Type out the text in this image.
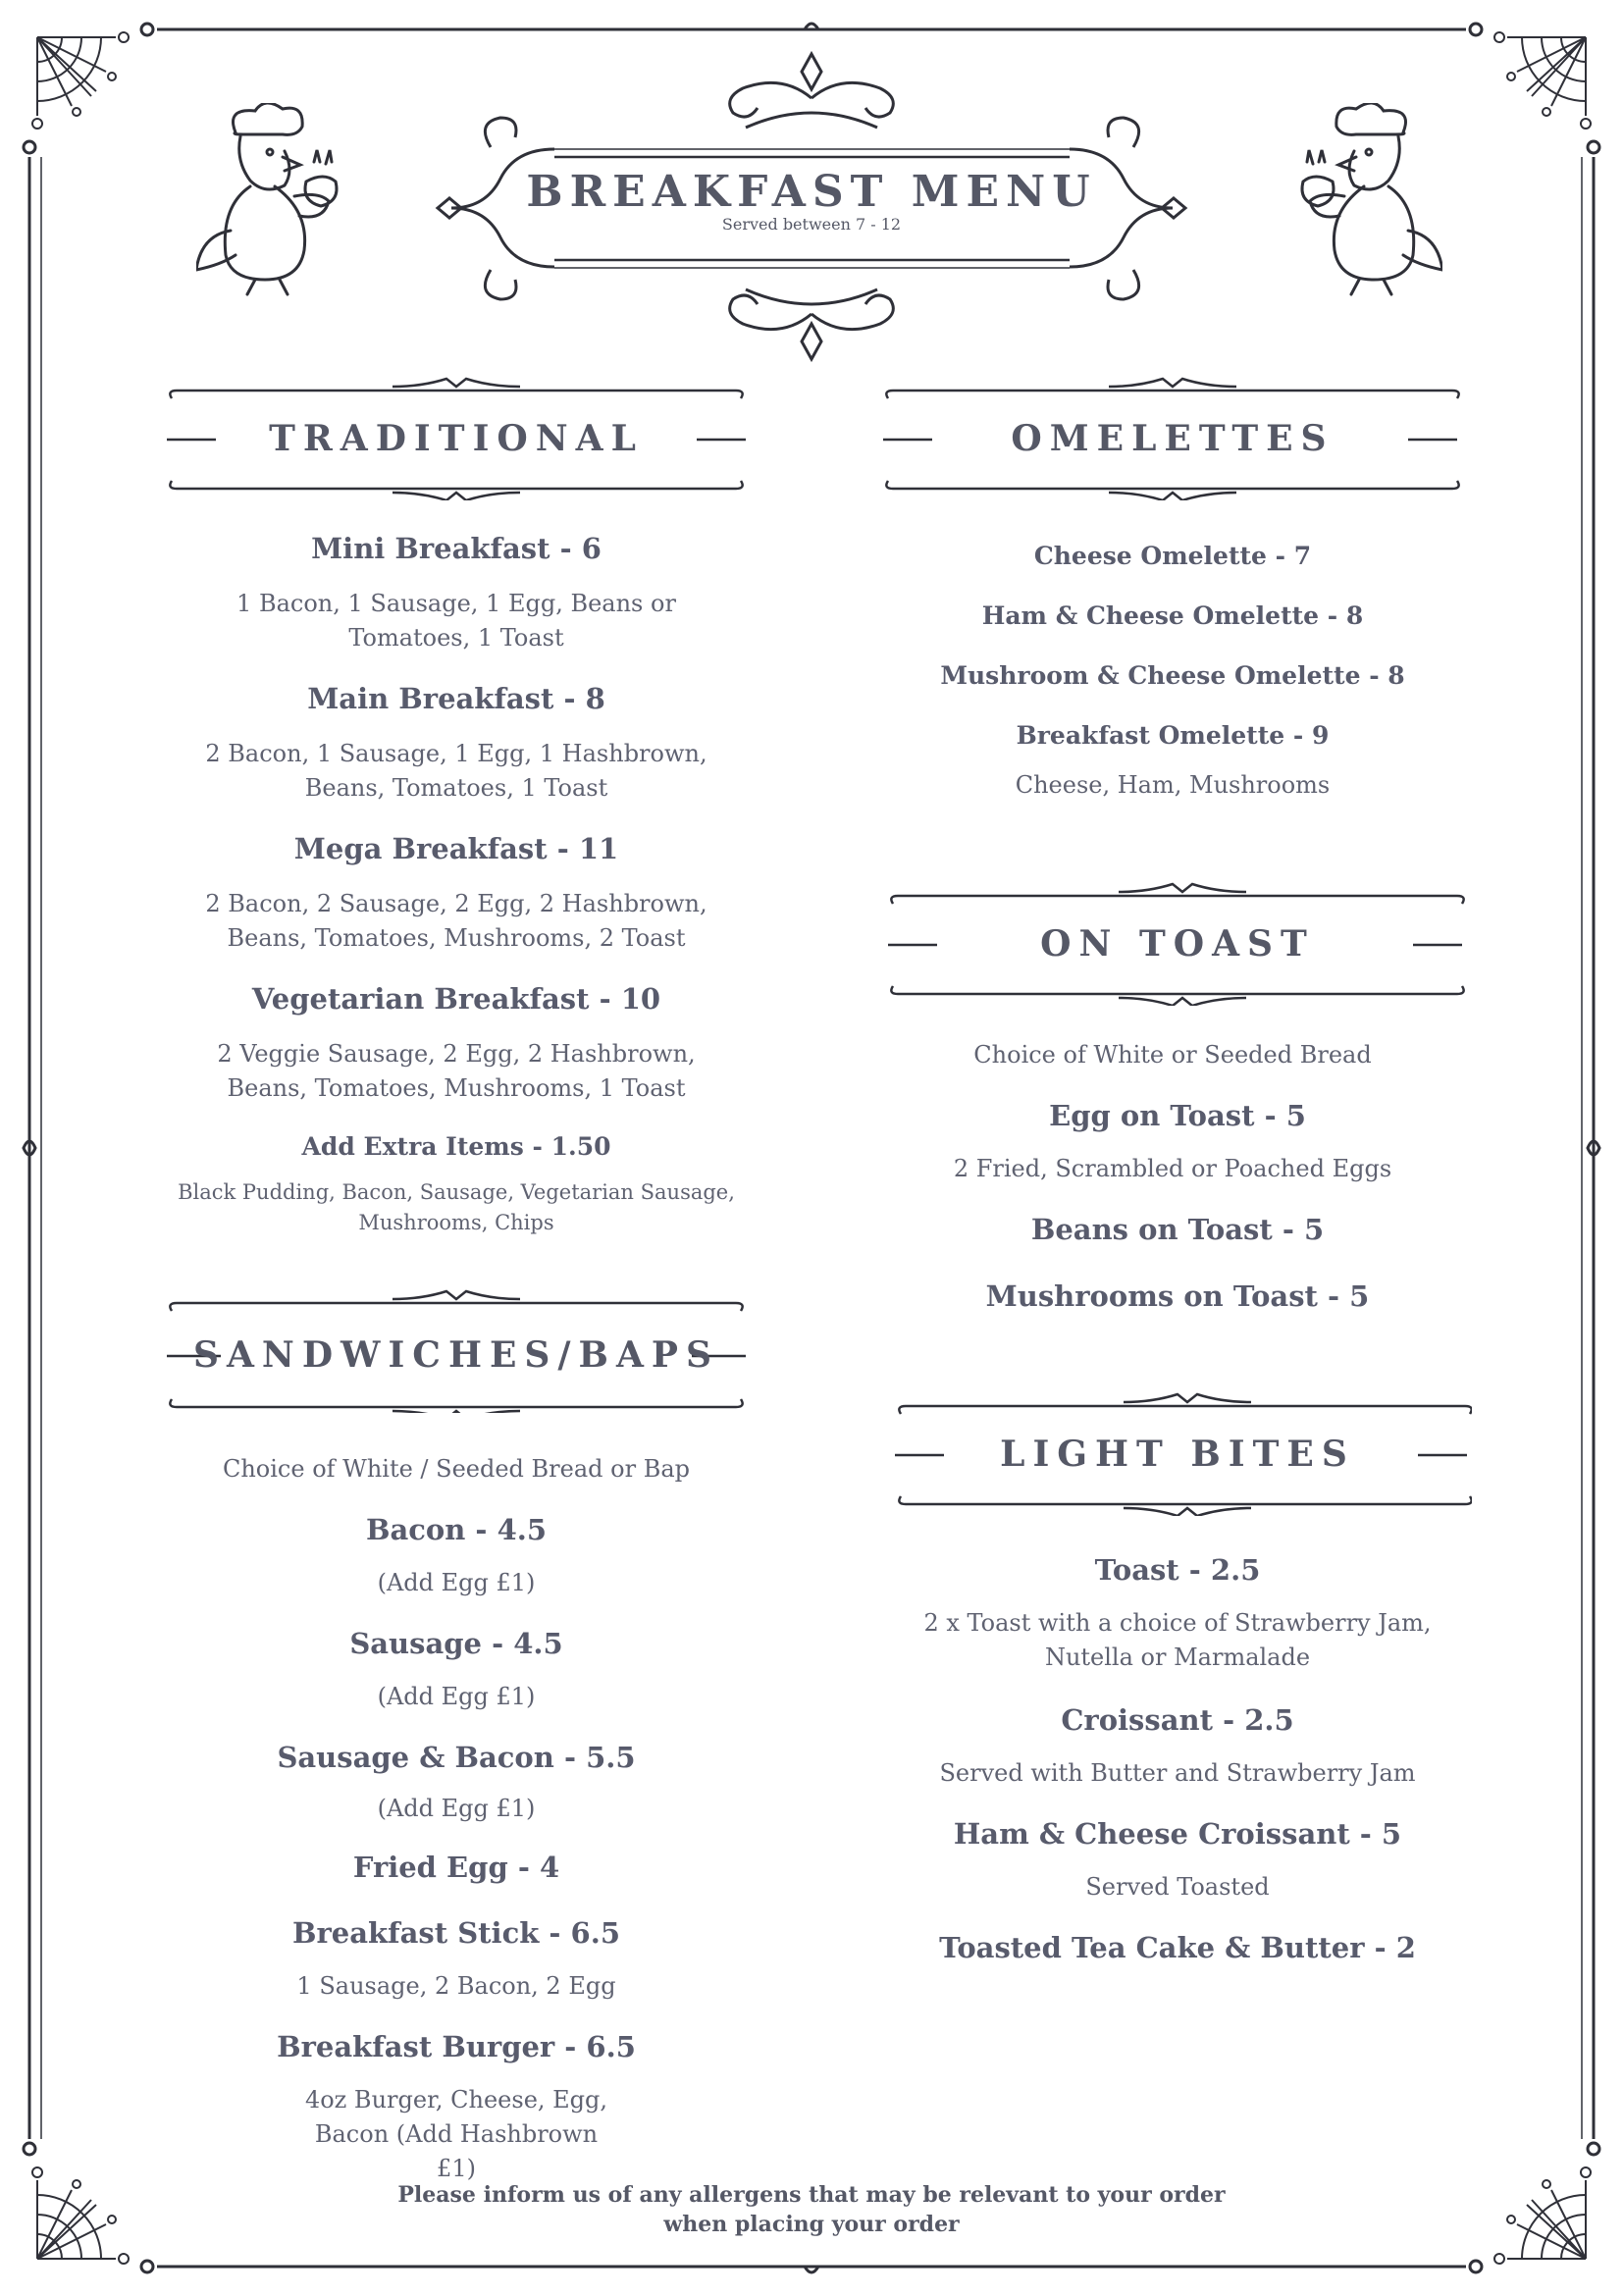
BREAKFAST MENU
Served between 7 - 12
TRADITIONAL
Mini Breakfast - 6
1 Bacon, 1 Sausage, 1 Egg, Beans or Tomatoes, 1 Toast
Main Breakfast - 8
2 Bacon, 1 Sausage, 1 Egg, 1 Hashbrown, Beans, Tomatoes, 1 Toast
Mega Breakfast - 11
2 Bacon, 2 Sausage, 2 Egg, 2 Hashbrown, Beans, Tomatoes, Mushrooms, 2 Toast
Vegetarian Breakfast - 10
2 Veggie Sausage, 2 Egg, 2 Hashbrown, Beans, Tomatoes, Mushrooms, 1 Toast
Add Extra Items - 1.50
Black Pudding, Bacon, Sausage, Vegetarian Sausage, Mushrooms, Chips
SANDWICHES/BAPS
Choice of White / Seeded Bread or Bap
Bacon - 4.5
(Add Egg £1)
Sausage - 4.5
(Add Egg £1)
Sausage & Bacon - 5.5
(Add Egg £1)
Fried Egg - 4
Breakfast Stick - 6.5
1 Sausage, 2 Bacon, 2 Egg
Breakfast Burger - 6.5
4oz Burger, Cheese, Egg, Bacon (Add Hashbrown £1)
OMELETTES
Cheese Omelette - 7
Ham & Cheese Omelette - 8
Mushroom & Cheese Omelette - 8
Breakfast Omelette - 9
Cheese, Ham, Mushrooms
ON TOAST
Choice of White or Seeded Bread
Egg on Toast - 5
2 Fried, Scrambled or Poached Eggs
Beans on Toast - 5
Mushrooms on Toast - 5
LIGHT BITES
Toast - 2.5
2 x Toast with a choice of Strawberry Jam, Nutella or Marmalade
Croissant - 2.5
Served with Butter and Strawberry Jam
Ham & Cheese Croissant - 5
Served Toasted
Toasted Tea Cake & Butter - 2
Please inform us of any allergens that may be relevant to your order when placing your order
